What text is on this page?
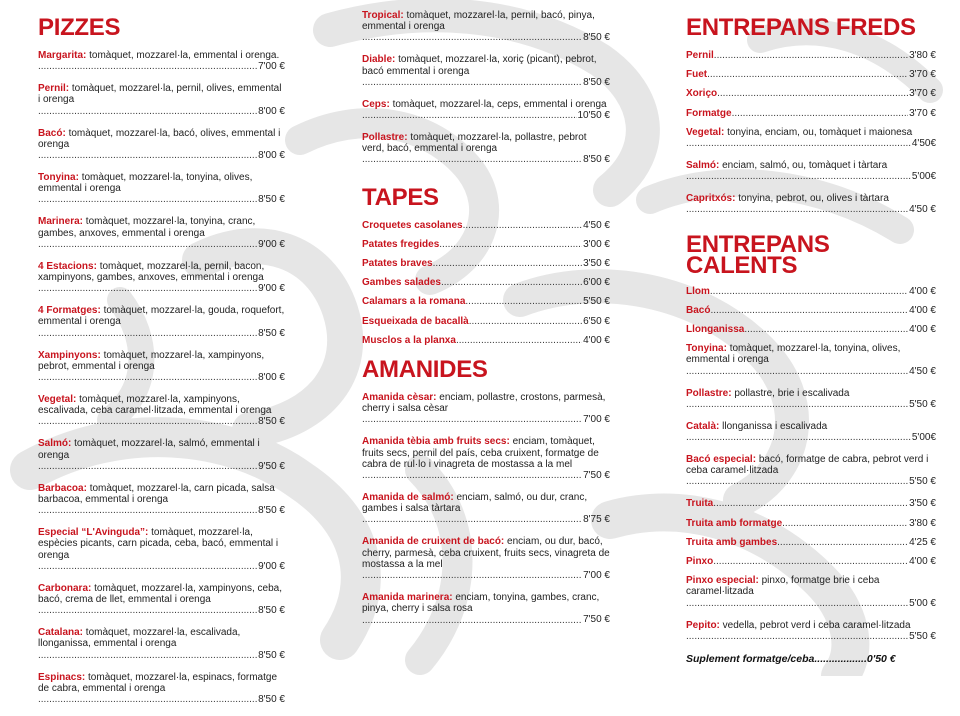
PIZZES
Margarita: tomàquet, mozzarel·la, emmental i orenga.
.....
7'00 €
Pernil: tomàquet, mozzarel·la, pernil, olives, emmental i orenga
.....
8'00 €
Bacó: tomàquet, mozzarel·la, bacó, olives, emmental i orenga
.....
8'00 €
Tonyina: tomàquet, mozzarel·la, tonyina, olives, emmental i orenga
.....
8'50 €
Marinera: tomàquet, mozzarel·la, tonyina, cranc, gambes, anxoves, emmental i orenga
.....
9'00 €
4 Estacions: tomàquet, mozzarel·la, pernil, bacon, xampinyons, gambes, anxoves, emmental i orenga
.....
9'00 €
4 Formatges: tomàquet, mozzarel·la, gouda, roquefort, emmental i orenga
.....
8'50 €
Xampinyons: tomàquet, mozzarel·la, xampinyons, pebrot, emmental i orenga
.....
8'00 €
Vegetal: tomàquet, mozzarel·la, xampinyons, escalivada, ceba caramel·litzada, emmental i orenga
.....
8'50 €
Salmó: tomàquet, mozzarel·la, salmó, emmental i orenga
.....
9'50 €
Barbacoa: tomàquet, mozzarel·la, carn picada, salsa barbacoa, emmental i orenga
.....
8'50 €
Especial “L'Avinguda”: tomàquet, mozzarel·la, espècies picants, carn picada, ceba, bacó, emmental i orenga
.....
9'00 €
Carbonara: tomàquet, mozzarel·la, xampinyons, ceba, bacó, crema de llet, emmental i orenga
.....
8'50 €
Catalana: tomàquet, mozzarel·la, escalivada, llonganissa, emmental i orenga
.....
8'50 €
Espinacs: tomàquet, mozzarel·la, espinacs, formatge de cabra, emmental i orenga
.....
8'50 €
Tropical: tomàquet, mozzarel·la, pernil, bacó, pinya, emmental i orenga
.....
8'50 €
Diable: tomàquet, mozzarel·la, xoriç (picant), pebrot, bacó emmental i orenga
.....
8'50 €
Ceps: tomàquet, mozzarel·la, ceps, emmental i orenga
.....
10'50 €
Pollastre: tomàquet, mozzarel·la, pollastre, pebrot verd, bacó, emmental i orenga
.....
8'50 €
TAPES
Croquetes casolanes .....	4'50 €
Patates fregides .....	3'00 €
Patates braves .....	3'50 €
Gambes salades .....	6'00 €
Calamars a la romana .....	5'50 €
Esqueixada de bacallà .....	6'50 €
Musclos a la planxa .....	4'00 €
AMANIDES
Amanida cèsar: enciam, pollastre, crostons, parmesà, cherry i salsa cèsar
.....
7'00 €
Amanida tèbia amb fruits secs: enciam, tomàquet, fruits secs, pernil del país, ceba cruixent, formatge de cabra de rul·lo i vinagreta de mostassa a la mel
.....
7'50 €
Amanida de salmó: enciam, salmó, ou dur, cranc, gambes i salsa tàrtara
.....
8'75 €
Amanida de cruixent de bacó: enciam, ou dur, bacó, cherry, parmesà, ceba cruixent, fruits secs, vinagreta de mostassa a la mel
.....
7'00 €
Amanida marinera: enciam, tonyina, gambes, cranc, pinya, cherry i salsa rosa
.....
7'50 €
ENTREPANS FREDS
Pernil .....	3'80 €
Fuet .....	3'70 €
Xoriço .....	3'70 €
Formatge .....	3'70 €
Vegetal: tonyina, enciam, ou, tomàquet i maionesa
.....
4'50€
Salmó: enciam, salmó, ou, tomàquet i tàrtara
.....
5'00€
Capritxós: tonyina, pebrot, ou, olives i tàrtara
.....
4'50 €
ENTREPANS
CALENTS
Llom .....	4'00 €
Bacó .....	4'00 €
Llonganissa .....	4'00 €
Tonyina: tomàquet, mozzarel·la, tonyina, olives, emmental i orenga
.....
4'50 €
Pollastre: pollastre, brie i escalivada
.....
5'50 €
Català: llonganissa i escalivada
.....
5'00€
Bacó especial: bacó, formatge de cabra, pebrot verd i ceba caramel·litzada
.....
5'50 €
Truita .....	3'50 €
Truita amb formatge .....	3'80 €
Truita amb gambes .....	4'25 €
Pinxo .....	4'00 €
Pinxo especial: pinxo, formatge brie i ceba caramel·litzada
.....
5'00 €
Pepito: vedella, pebrot verd i ceba caramel·litzada
.....
5'50 €
Suplement formatge/ceba..................0'50 €
